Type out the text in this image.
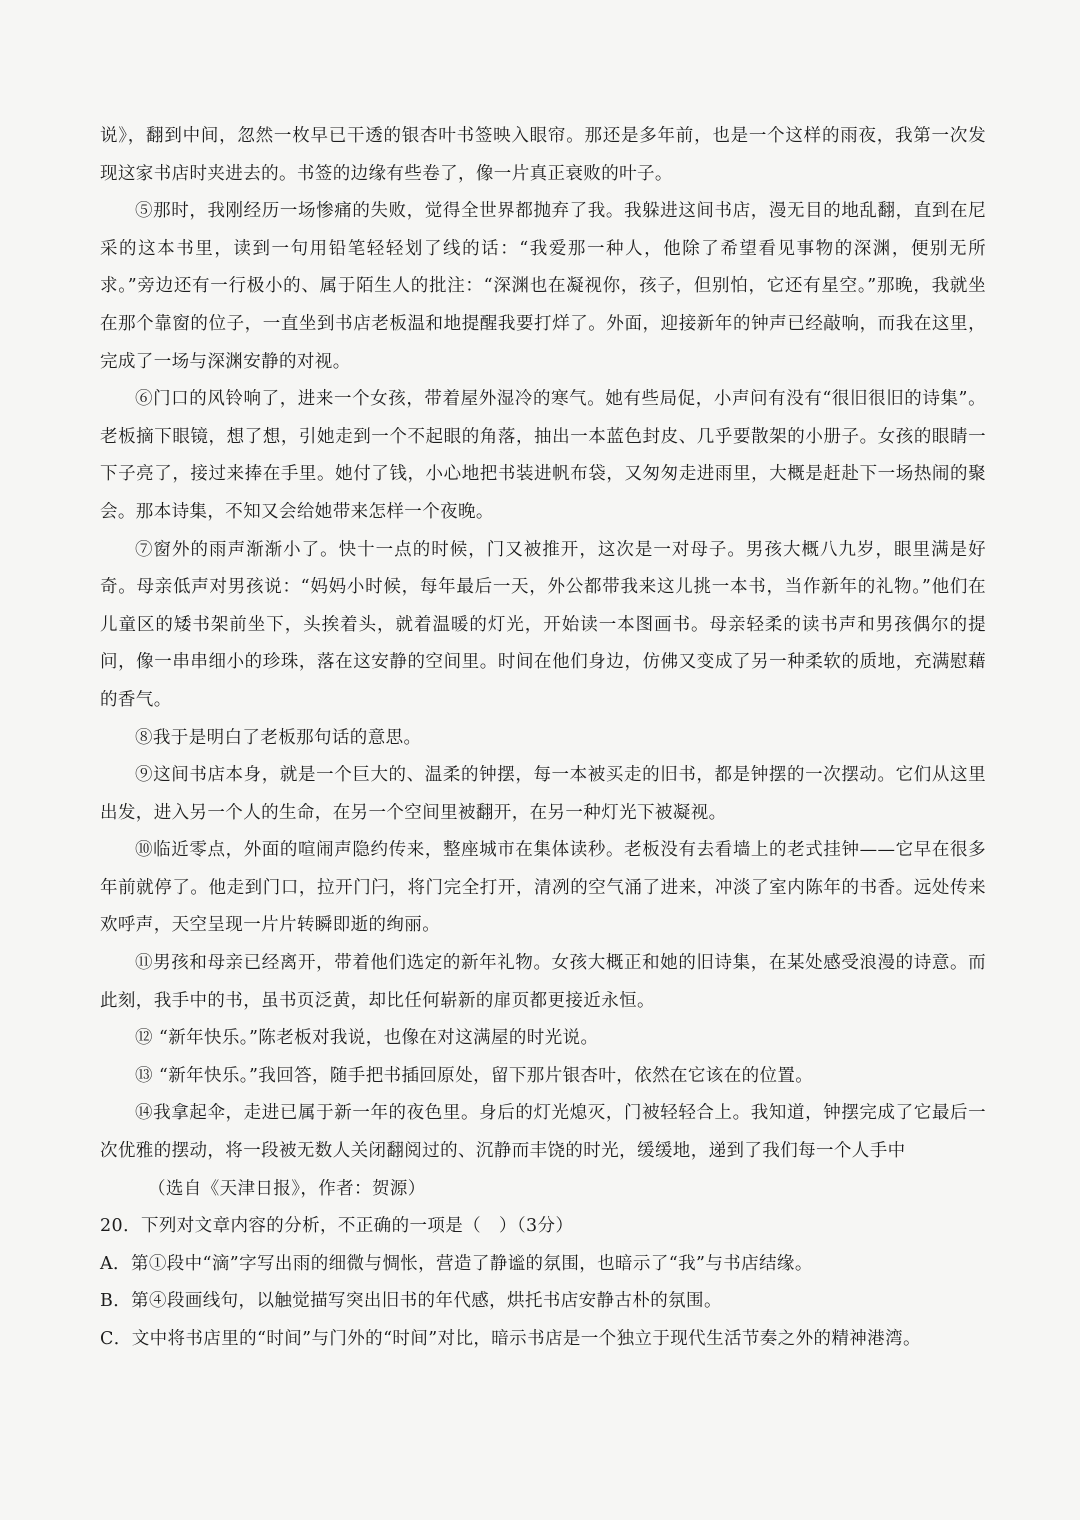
说》，翻到中间，忽然一枚早已干透的银杏叶书签映入眼帘。那还是多年前，也是一个这样的雨夜，我第一次发现这家书店时夹进去的。书签的边缘有些卷了，像一片真正衰败的叶子。

⑤那时，我刚经历一场惨痛的失败，觉得全世界都抛弃了我。我躲进这间书店，漫无目的地乱翻，直到在尼采的这本书里，读到一句用铅笔轻轻划了线的话：“我爱那一种人，他除了希望看见事物的深渊，便别无所求。”旁边还有一行极小的、属于陌生人的批注：“深渊也在凝视你，孩子，但别怕，它还有星空。”那晚，我就坐在那个靠窗的位子，一直坐到书店老板温和地提醒我要打烊了。外面，迎接新年的钟声已经敲响，而我在这里，完成了一场与深渊安静的对视。

⑥门口的风铃响了，进来一个女孩，带着屋外湿冷的寒气。她有些局促，小声问有没有“很旧很旧的诗集”。老板摘下眼镜，想了想，引她走到一个不起眼的角落，抽出一本蓝色封皮、几乎要散架的小册子。女孩的眼睛一下子亮了，接过来捧在手里。她付了钱，小心地把书装进帆布袋，又匆匆走进雨里，大概是赶赴下一场热闹的聚会。那本诗集，不知又会给她带来怎样一个夜晚。

⑦窗外的雨声渐渐小了。快十一点的时候，门又被推开，这次是一对母子。男孩大概八九岁，眼里满是好奇。母亲低声对男孩说：“妈妈小时候，每年最后一天，外公都带我来这儿挑一本书，当作新年的礼物。”他们在儿童区的矮书架前坐下，头挨着头，就着温暖的灯光，开始读一本图画书。母亲轻柔的读书声和男孩偶尔的提问，像一串串细小的珍珠，落在这安静的空间里。时间在他们身边，仿佛又变成了另一种柔软的质地，充满慰藉的香气。

⑧我于是明白了老板那句话的意思。

⑨这间书店本身，就是一个巨大的、温柔的钟摆，每一本被买走的旧书，都是钟摆的一次摆动。它们从这里出发，进入另一个人的生命，在另一个空间里被翻开，在另一种灯光下被凝视。

⑩临近零点，外面的喧闹声隐约传来，整座城市在集体读秒。老板没有去看墙上的老式挂钟——它早在很多年前就停了。他走到门口，拉开门闩，将门完全打开，清冽的空气涌了进来，冲淡了室内陈年的书香。远处传来欢呼声，天空呈现一片片转瞬即逝的绚丽。

⑪男孩和母亲已经离开，带着他们选定的新年礼物。女孩大概正和她的旧诗集，在某处感受浪漫的诗意。而此刻，我手中的书，虽书页泛黄，却比任何崭新的扉页都更接近永恒。

⑫ “新年快乐。”陈老板对我说，也像在对这满屋的时光说。

⑬ “新年快乐。”我回答，随手把书插回原处，留下那片银杏叶，依然在它该在的位置。

⑭我拿起伞，走进已属于新一年的夜色里。身后的灯光熄灭，门被轻轻合上。我知道，钟摆完成了它最后一次优雅的摆动，将一段被无数人关闭翻阅过的、沉静而丰饶的时光，缓缓地，递到了我们每一个人手中

（选自《天津日报》，作者：贺源）

20．下列对文章内容的分析，不正确的一项是（　）（3分）

A．第①段中“滴”字写出雨的细微与惆怅，营造了静谧的氛围，也暗示了“我”与书店结缘。

B．第④段画线句，以触觉描写突出旧书的年代感，烘托书店安静古朴的氛围。

C．文中将书店里的“时间”与门外的“时间”对比，暗示书店是一个独立于现代生活节奏之外的精神港湾。
